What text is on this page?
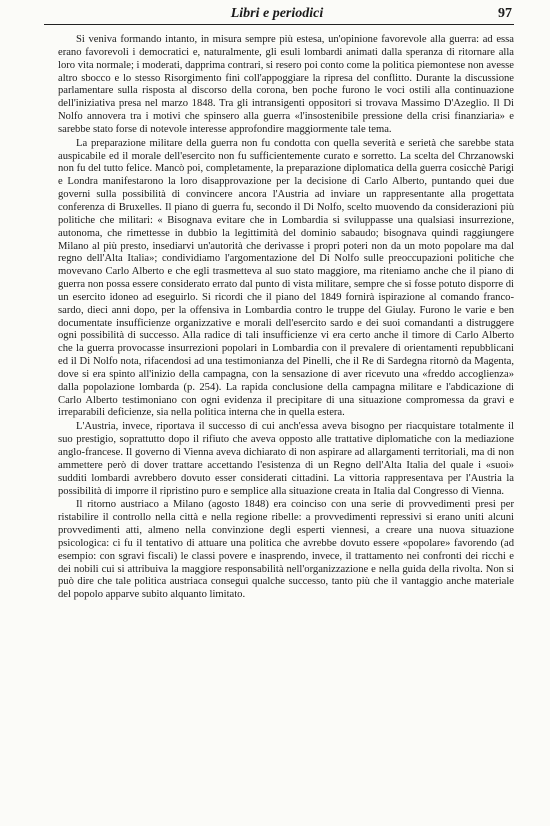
Libri e periodici	97

Si veniva formando intanto, in misura sempre più estesa, un'opinione favorevole alla guerra: ad essa erano favorevoli i democratici e, naturalmente, gli esuli lombardi animati dalla speranza di ritornare alla loro vita normale; i moderati, dapprima contrari, si resero poi conto come la politica piemontese non avesse altro sbocco e lo stesso Risorgimento finì coll'appoggiare la ripresa del conflitto. Durante la discussione parlamentare sulla risposta al discorso della corona, ben poche furono le voci ostili alla continuazione dell'iniziativa presa nel marzo 1848. Tra gli intransigenti oppositori si trovava Massimo D'Azeglio. Il Di Nolfo annovera tra i motivi che spinsero alla guerra «l'insostenibile pressione della crisi finanziaria» e sarebbe stato forse di notevole interesse approfondire maggiormente tale tema.

La preparazione militare della guerra non fu condotta con quella severità e serietà che sarebbe stata auspicabile ed il morale dell'esercito non fu sufficientemente curato e sorretto. La scelta del Chrzanowski non fu del tutto felice. Mancò poi, completamente, la preparazione diplomatica della guerra cosicchè Parigi e Londra manifestarono la loro disapprovazione per la decisione di Carlo Alberto, puntando quei due governi sulla possibilità di convincere ancora l'Austria ad inviare un rappresentante alla progettata conferenza di Bruxelles. Il piano di guerra fu, secondo il Di Nolfo, scelto muovendo da considerazioni più politiche che militari: « Bisognava evitare che in Lombardia si sviluppasse una qualsiasi insurrezione, autonoma, che rimettesse in dubbio la legittimità del dominio sabaudo; bisognava quindi raggiungere Milano al più presto, insediarvi un'autorità che derivasse i propri poteri non da un moto popolare ma dal regno dell'Alta Italia»; condividiamo l'argomentazione del Di Nolfo sulle preoccupazioni politiche che movevano Carlo Alberto e che egli trasmetteva al suo stato maggiore, ma riteniamo anche che il piano di guerra non possa essere considerato errato dal punto di vista militare, sempre che si fosse potuto disporre di un esercito idoneo ad eseguirlo. Si ricordi che il piano del 1849 fornirà ispirazione al comando franco-sardo, dieci anni dopo, per la offensiva in Lombardia contro le truppe del Giulay. Furono le varie e ben documentate insufficienze organizzative e morali dell'esercito sardo e dei suoi comandanti a distruggere ogni possibilità di successo. Alla radice di tali insufficienze vi era certo anche il timore di Carlo Alberto che la guerra provocasse insurrezioni popolari in Lombardia con il prevalere di orientamenti repubblicani ed il Di Nolfo nota, rifacendosi ad una testimonianza del Pinelli, che il Re di Sardegna ritornò da Magenta, dove si era spinto all'inizio della campagna, con la sensazione di aver ricevuto una «freddo accoglienza» dalla popolazione lombarda (p. 254). La rapida conclusione della campagna militare e l'abdicazione di Carlo Alberto testimoniano con ogni evidenza il precipitare di una situazione compromessa da gravi e irreparabili deficienze, sia nella politica interna che in quella estera.

L'Austria, invece, riportava il successo di cui anch'essa aveva bisogno per riacquistare totalmente il suo prestigio, soprattutto dopo il rifiuto che aveva opposto alle trattative diplomatiche con la mediazione anglo-francese. Il governo di Vienna aveva dichiarato di non aspirare ad allargamenti territoriali, ma di non ammettere però di dover trattare accettando l'esistenza di un Regno dell'Alta Italia del quale i «suoi» sudditi lombardi avrebbero dovuto esser considerati cittadini. La vittoria rappresentava per l'Austria la possibilità di imporre il ripristino puro e semplice alla situazione creata in Italia dal Congresso di Vienna.

Il ritorno austriaco a Milano (agosto 1848) era coinciso con una serie di provvedimenti presi per ristabilire il controllo nella città e nella regione ribelle: a provvedimenti repressivi si erano uniti alcuni provvedimenti atti, almeno nella convinzione degli esperti viennesi, a creare una nuova situazione psicologica: ci fu il tentativo di attuare una politica che avrebbe dovuto essere «popolare» favorendo (ad esempio: con sgravi fiscali) le classi povere e inasprendo, invece, il trattamento nei confronti dei ricchi e dei nobili cui si attribuiva la maggiore responsabilità nell'organizzazione e nella guida della rivolta. Non si può dire che tale politica austriaca conseguì qualche successo, tanto più che il vantaggio anche materiale del popolo apparve subito alquanto limitato.
